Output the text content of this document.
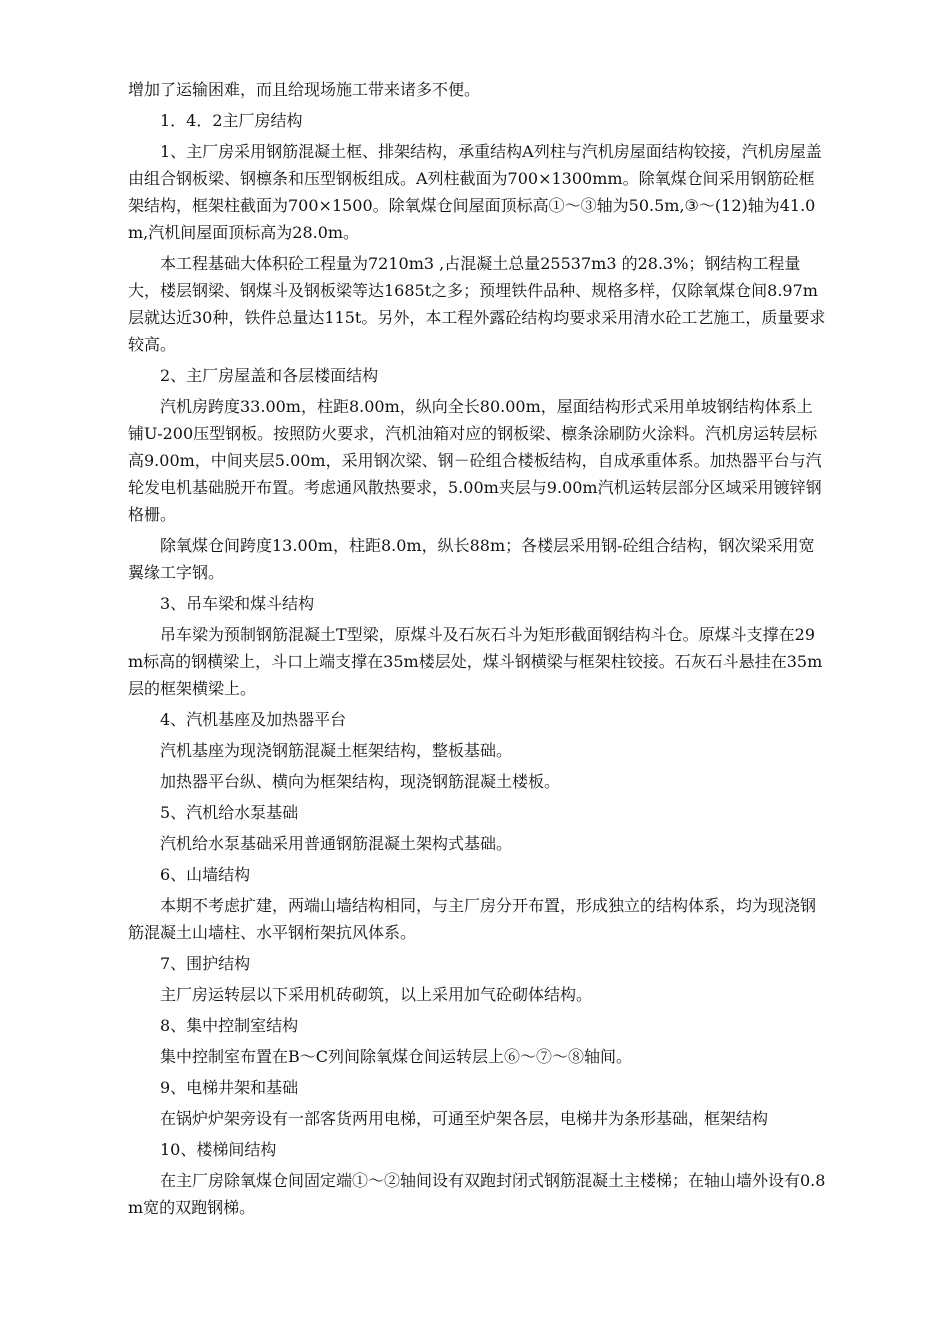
增加了运输困难，而且给现场施工带来诸多不便。

1．4．2主厂房结构

1、主厂房采用钢筋混凝土框、排架结构，承重结构A列柱与汽机房屋面结构铰接，汽机房屋盖由组合钢板梁、钢檩条和压型钢板组成。A列柱截面为700×1300mm。除氧煤仓间采用钢筋砼框架结构，框架柱截面为700×1500。除氧煤仓间屋面顶标高①～③轴为50.5m,③～(12)轴为41.0m,汽机间屋面顶标高为28.0m。

本工程基础大体积砼工程量为7210m3 ,占混凝土总量25537m3 的28.3%；钢结构工程量大，楼层钢梁、钢煤斗及钢板梁等达1685t之多；预埋铁件品种、规格多样，仅除氧煤仓间8.97m层就达近30种，铁件总量达115t。另外，本工程外露砼结构均要求采用清水砼工艺施工，质量要求较高。

2、主厂房屋盖和各层楼面结构

汽机房跨度33.00m，柱距8.00m，纵向全长80.00m，屋面结构形式采用单坡钢结构体系上铺U-200压型钢板。按照防火要求，汽机油箱对应的钢板梁、檩条涂刷防火涂料。汽机房运转层标高9.00m，中间夹层5.00m，采用钢次梁、钢－砼组合楼板结构，自成承重体系。加热器平台与汽轮发电机基础脱开布置。考虑通风散热要求，5.00m夹层与9.00m汽机运转层部分区域采用镀锌钢格栅。

除氧煤仓间跨度13.00m，柱距8.0m，纵长88m；各楼层采用钢-砼组合结构，钢次梁采用宽翼缘工字钢。

3、吊车梁和煤斗结构

吊车梁为预制钢筋混凝土T型梁，原煤斗及石灰石斗为矩形截面钢结构斗仓。原煤斗支撑在29m标高的钢横梁上，斗口上端支撑在35m楼层处，煤斗钢横梁与框架柱铰接。石灰石斗悬挂在35m层的框架横梁上。

4、汽机基座及加热器平台

汽机基座为现浇钢筋混凝土框架结构，整板基础。

加热器平台纵、横向为框架结构，现浇钢筋混凝土楼板。

5、汽机给水泵基础

汽机给水泵基础采用普通钢筋混凝土架构式基础。

6、山墙结构

本期不考虑扩建，两端山墙结构相同，与主厂房分开布置，形成独立的结构体系，均为现浇钢筋混凝土山墙柱、水平钢桁架抗风体系。

7、围护结构

主厂房运转层以下采用机砖砌筑，以上采用加气砼砌体结构。

8、集中控制室结构

集中控制室布置在B～C列间除氧煤仓间运转层上⑥～⑦～⑧轴间。

9、电梯井架和基础

在锅炉炉架旁设有一部客货两用电梯，可通至炉架各层，电梯井为条形基础，框架结构

10、楼梯间结构

在主厂房除氧煤仓间固定端①～②轴间设有双跑封闭式钢筋混凝土主楼梯；在轴山墙外设有0.8m宽的双跑钢梯。
